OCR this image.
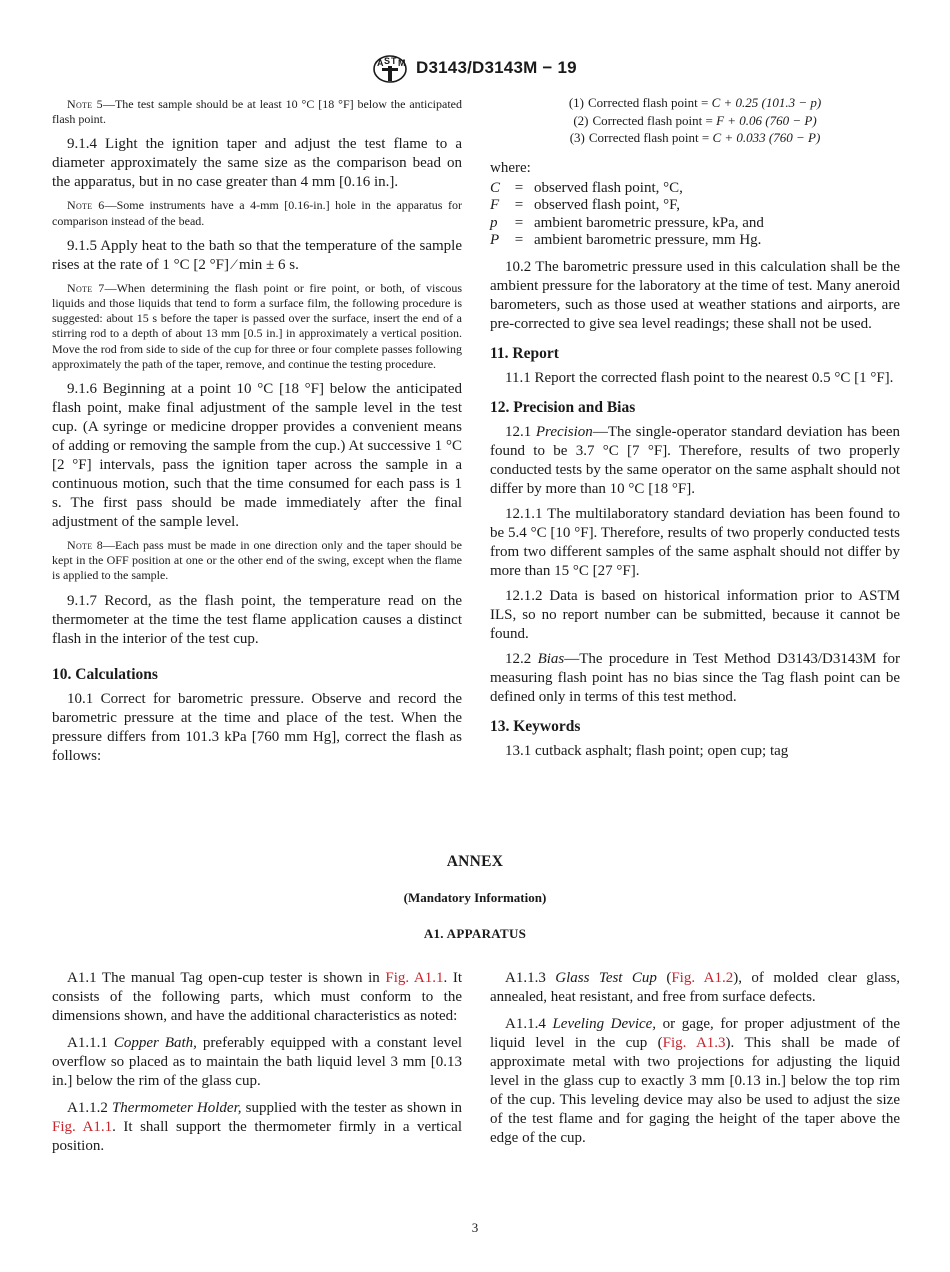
A S T M D3143/D3143M − 19

Note 5—The test sample should be at least 10 °C [18 °F] below the anticipated flash point.

9.1.4 Light the ignition taper and adjust the test flame to a diameter approximately the same size as the comparison bead on the apparatus, but in no case greater than 4 mm [0.16 in.].

Note 6—Some instruments have a 4-mm [0.16-in.] hole in the apparatus for comparison instead of the bead.

9.1.5 Apply heat to the bath so that the temperature of the sample rises at the rate of 1 °C [2 °F] ⁄ min ± 6 s.

Note 7—When determining the flash point or fire point, or both, of viscous liquids and those liquids that tend to form a surface film, the following procedure is suggested: about 15 s before the taper is passed over the surface, insert the end of a stirring rod to a depth of about 13 mm [0.5 in.] in approximately a vertical position. Move the rod from side to side of the cup for three or four complete passes following approximately the path of the taper, remove, and continue the testing procedure.

9.1.6 Beginning at a point 10 °C [18 °F] below the anticipated flash point, make final adjustment of the sample level in the test cup. (A syringe or medicine dropper provides a convenient means of adding or removing the sample from the cup.) At successive 1 °C [2 °F] intervals, pass the ignition taper across the sample in a continuous motion, such that the time consumed for each pass is 1 s. The first pass should be made immediately after the final adjustment of the sample level.

Note 8—Each pass must be made in one direction only and the taper should be kept in the OFF position at one or the other end of the swing, except when the flame is applied to the sample.

9.1.7 Record, as the flash point, the temperature read on the thermometer at the time the test flame application causes a distinct flash in the interior of the test cup.

10. Calculations

10.1 Correct for barometric pressure. Observe and record the barometric pressure at the time and place of the test. When the pressure differs from 101.3 kPa [760 mm Hg], correct the flash as follows:

(1) Corrected flash point = C + 0.25 (101.3 − p)
(2) Corrected flash point = F + 0.06 (760 − P)
(3) Corrected flash point = C + 0.033 (760 − P)
where:
C = observed flash point, °C,
F	= observed flash point, °F,
p	= ambient barometric pressure, kPa, and
P	= ambient barometric pressure, mm Hg.

10.2 The barometric pressure used in this calculation shall be the ambient pressure for the laboratory at the time of test. Many aneroid barometers, such as those used at weather stations and airports, are pre-corrected to give sea level readings; these shall not be used.

11. Report

11.1 Report the corrected flash point to the nearest 0.5 °C [1 °F].

12. Precision and Bias

12.1 Precision—The single-operator standard deviation has been found to be 3.7 °C [7 °F]. Therefore, results of two properly conducted tests by the same operator on the same asphalt should not differ by more than 10 °C [18 °F].

12.1.1 The multilaboratory standard deviation has been found to be 5.4 °C [10 °F]. Therefore, results of two properly conducted tests from two different samples of the same asphalt should not differ by more than 15 °C [27 °F].

12.1.2 Data is based on historical information prior to ASTM ILS, so no report number can be submitted, because it cannot be found.

12.2 Bias—The procedure in Test Method D3143/D3143M for measuring flash point has no bias since the Tag flash point can be defined only in terms of this test method.

13. Keywords

13.1 cutback asphalt; flash point; open cup; tag

ANNEX
(Mandatory Information)
A1. APPARATUS

A1.1 The manual Tag open-cup tester is shown in Fig. A1.1. It consists of the following parts, which must conform to the dimensions shown, and have the additional characteristics as noted:

A1.1.1 Copper Bath, preferably equipped with a constant level overflow so placed as to maintain the bath liquid level 3 mm [0.13 in.] below the rim of the glass cup.

A1.1.2 Thermometer Holder, supplied with the tester as shown in Fig. A1.1. It shall support the thermometer firmly in a vertical position.

A1.1.3 Glass Test Cup (Fig. A1.2), of molded clear glass, annealed, heat resistant, and free from surface defects.

A1.1.4 Leveling Device, or gage, for proper adjustment of the liquid level in the cup (Fig. A1.3). This shall be made of approximate metal with two projections for adjusting the liquid level in the glass cup to exactly 3 mm [0.13 in.] below the top rim of the cup. This leveling device may also be used to adjust the size of the test flame and for gaging the height of the taper above the edge of the cup.

3
